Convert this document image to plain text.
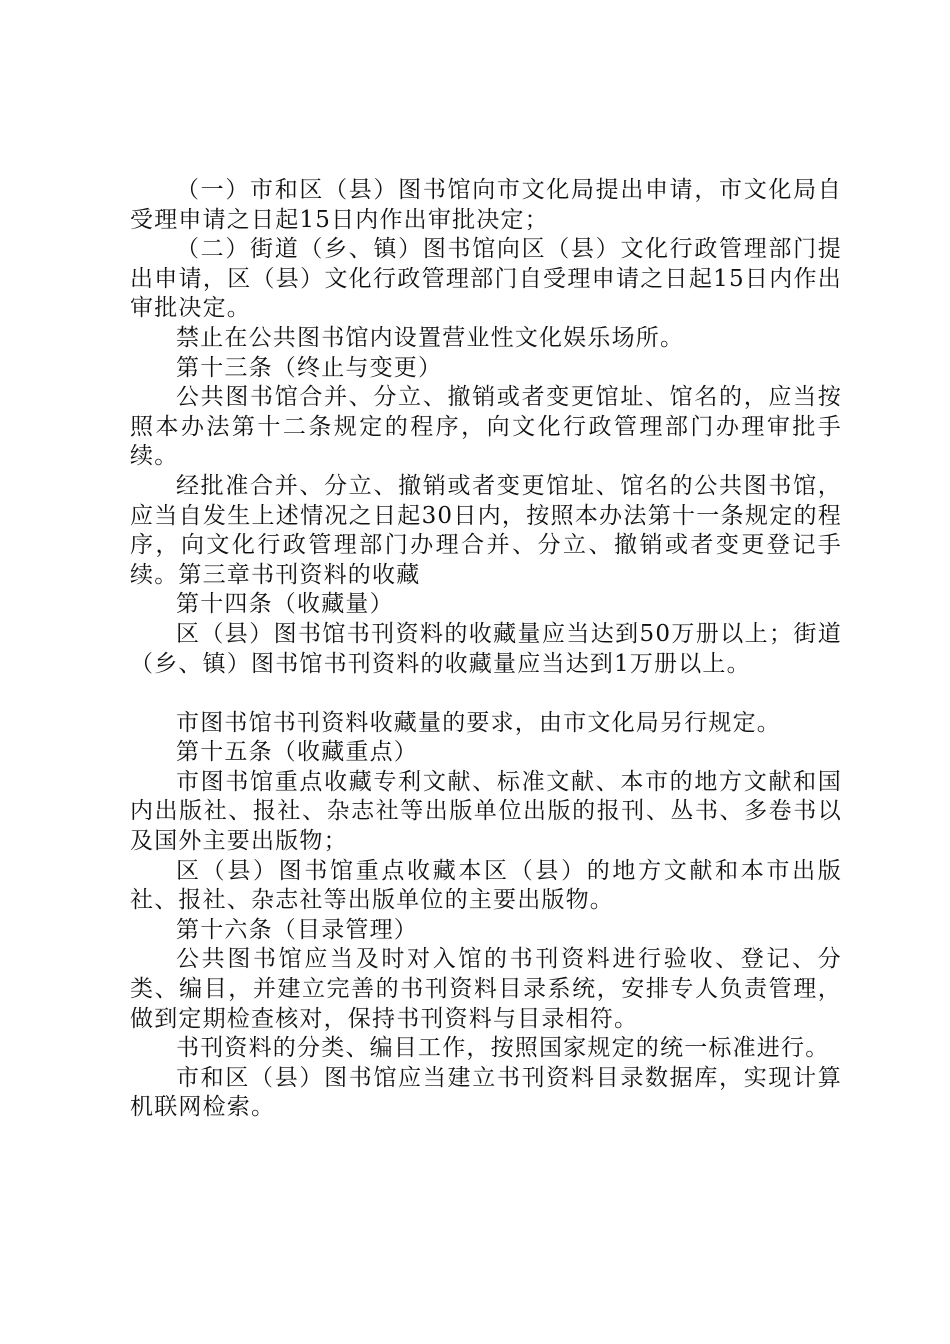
（一）市和区（县）图书馆向市文化局提出申请，市文化局自受理申请之日起15日内作出审批决定；

（二）街道（乡、镇）图书馆向区（县）文化行政管理部门提出申请，区（县）文化行政管理部门自受理申请之日起15日内作出审批决定。

禁止在公共图书馆内设置营业性文化娱乐场所。

第十三条（终止与变更）

公共图书馆合并、分立、撤销或者变更馆址、馆名的，应当按照本办法第十二条规定的程序，向文化行政管理部门办理审批手续。

经批准合并、分立、撤销或者变更馆址、馆名的公共图书馆，应当自发生上述情况之日起30日内，按照本办法第十一条规定的程序，向文化行政管理部门办理合并、分立、撤销或者变更登记手续。第三章书刊资料的收藏

第十四条（收藏量）

区（县）图书馆书刊资料的收藏量应当达到50万册以上；街道（乡、镇）图书馆书刊资料的收藏量应当达到1万册以上。

市图书馆书刊资料收藏量的要求，由市文化局另行规定。

第十五条（收藏重点）

市图书馆重点收藏专利文献、标准文献、本市的地方文献和国内出版社、报社、杂志社等出版单位出版的报刊、丛书、多卷书以及国外主要出版物；

区（县）图书馆重点收藏本区（县）的地方文献和本市出版社、报社、杂志社等出版单位的主要出版物。

第十六条（目录管理）

公共图书馆应当及时对入馆的书刊资料进行验收、登记、分类、编目，并建立完善的书刊资料目录系统，安排专人负责管理，做到定期检查核对，保持书刊资料与目录相符。

书刊资料的分类、编目工作，按照国家规定的统一标准进行。

市和区（县）图书馆应当建立书刊资料目录数据库，实现计算机联网检索。
